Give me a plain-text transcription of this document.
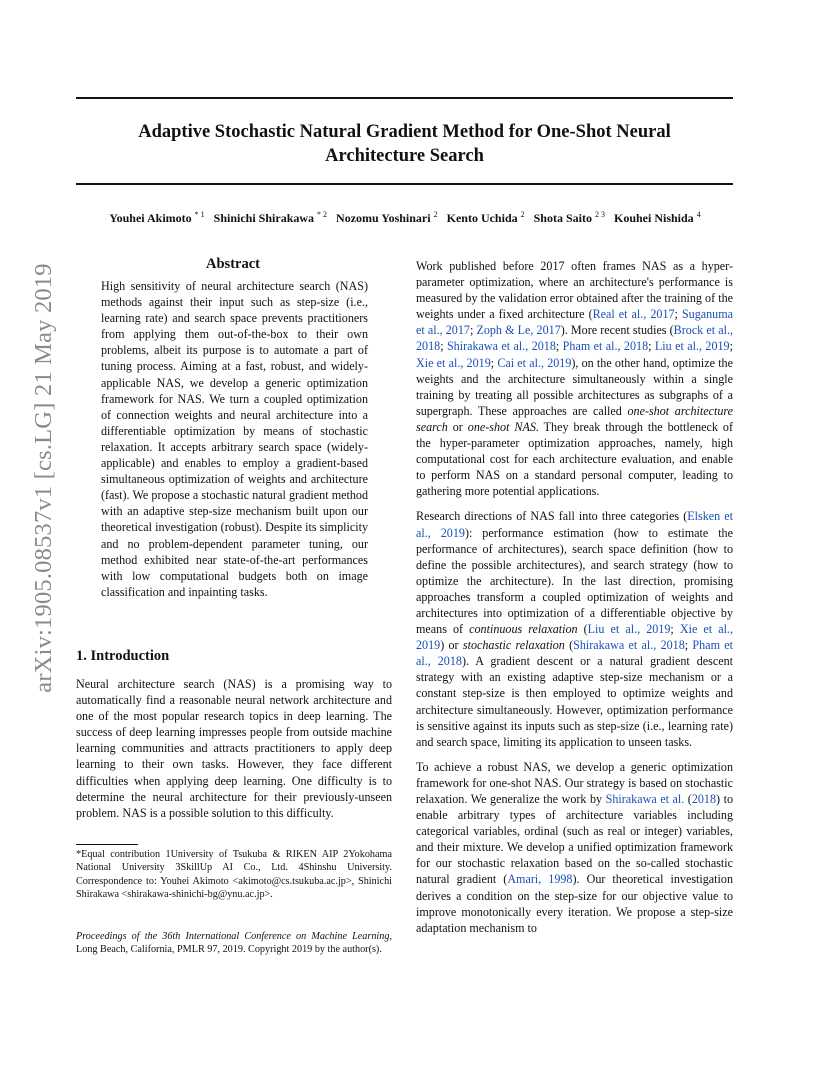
Adaptive Stochastic Natural Gradient Method for One-Shot Neural
Architecture Search
Youhei Akimoto $^{* 1}$ Shinichi Shirakawa $^{* 2}$ Nozomu Yoshinari $^2$ Kento Uchida $^2$ Shota Saito $^{2 3}$ Kouhei Nishida $^4$
arXiv:1905.08537v1 [cs.LG] 21 May 2019	Abstract

High sensitivity of neural architecture search (NAS) methods against their input such as step-size (i.e., learning rate) and search space prevents practitioners from applying them out-of-the-box to their own problems, albeit its purpose is to automate a part of tuning process. Aiming at a fast, robust, and widely-applicable NAS, we develop a generic optimization framework for NAS. We turn a coupled optimization of connection weights and neural architecture into a differentiable optimization by means of stochastic relaxation. It accepts arbitrary search space (widely-applicable) and enables to employ a gradient-based simultaneous optimization of weights and architecture (fast). We propose a stochastic natural gradient method with an adaptive step-size mechanism built upon our theoretical investigation (robust). Despite its simplicity and no problem-dependent parameter tuning, our method exhibited near state-of-the-art performances with low computational budgets both on image classification and inpainting tasks.

1. Introduction

Neural architecture search (NAS) is a promising way to automatically find a reasonable neural network architecture and one of the most popular research topics in deep learning. The success of deep learning impresses people from outside machine learning communities and attracts practitioners to apply deep learning to their own tasks. However, they face different difficulties when applying deep learning. One difficulty is to determine the neural architecture for their previously-unseen problem. NAS is a possible solution to this difficulty.

*Equal contribution 1University of Tsukuba & RIKEN AIP 2Yokohama National University 3SkillUp AI Co., Ltd. 4Shinshu University. Correspondence to: Youhei Akimoto <akimoto@cs.tsukuba.ac.jp>, Shinichi Shirakawa <shirakawa-shinichi-bg@ynu.ac.jp>.

Proceedings of the 36th International Conference on Machine Learning, Long Beach, California, PMLR 97, 2019. Copyright 2019 by the author(s).

Work published before 2017 often frames NAS as a hyper-parameter optimization, where an architecture's performance is measured by the validation error obtained after the training of the weights under a fixed architecture (Real et al., 2017; Suganuma et al., 2017; Zoph & Le, 2017). More recent studies (Brock et al., 2018; Shirakawa et al., 2018; Pham et al., 2018; Liu et al., 2019; Xie et al., 2019; Cai et al., 2019), on the other hand, optimize the weights and the architecture simultaneously within a single training by treating all possible architectures as subgraphs of a supergraph. These approaches are called one-shot architecture search or one-shot NAS. They break through the bottleneck of the hyper-parameter optimization approaches, namely, high computational cost for each architecture evaluation, and enable to perform NAS on a standard personal computer, leading to gathering more potential applications.

Research directions of NAS fall into three categories (Elsken et al., 2019): performance estimation (how to estimate the performance of architectures), search space definition (how to define the possible architectures), and search strategy (how to optimize the architecture). In the last direction, promising approaches transform a coupled optimization of weights and architectures into optimization of a differentiable objective by means of continuous relaxation (Liu et al., 2019; Xie et al., 2019) or stochastic relaxation (Shirakawa et al., 2018; Pham et al., 2018). A gradient descent or a natural gradient descent strategy with an existing adaptive step-size mechanism or a constant step-size is then employed to optimize weights and architecture simultaneously. However, optimization performance is sensitive against its inputs such as step-size (i.e., learning rate) and search space, limiting its application to unseen tasks.

To achieve a robust NAS, we develop a generic optimization framework for one-shot NAS. Our strategy is based on stochastic relaxation. We generalize the work by Shirakawa et al. (2018) to enable arbitrary types of architecture variables including categorical variables, ordinal (such as real or integer) variables, and their mixture. We develop a unified optimization framework for our stochastic relaxation based on the so-called stochastic natural gradient (Amari, 1998). Our theoretical investigation derives a condition on the step-size for our objective value to improve monotonically every iteration. We propose a step-size adaptation mechanism to
